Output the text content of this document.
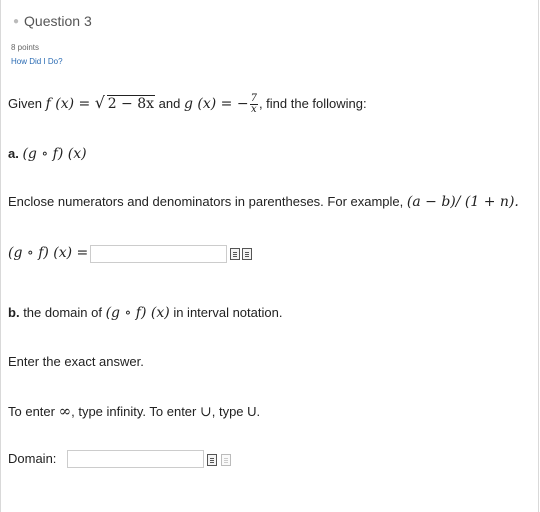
● Question 3
8 points
How Did I Do?
Given f (x) = √ 2 − 8x and g (x) = − $\frac{7}{x}$ , find the following:
a. (g ∘ f) (x)
Enclose numerators and denominators in parentheses. For example, (a − b)/ (1 + n).
(g ∘ f) (x) =
b. the domain of (g ∘ f) (x) in interval notation.
Enter the exact answer.
To enter ∞, type infinity. To enter ∪, type U.
Domain:
